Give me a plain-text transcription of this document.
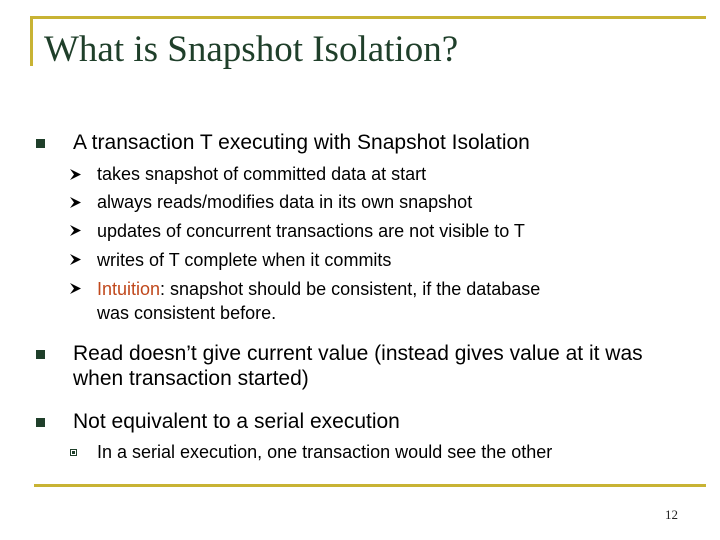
What is Snapshot Isolation?
A transaction T executing with Snapshot Isolation
takes snapshot of committed data at start
always reads/modifies data in its own snapshot
updates of concurrent transactions are not visible to T
writes of T complete when it commits
Intuition: snapshot should be consistent, if the database
was consistent before.
Read doesn’t give current value (instead gives value at it was
when transaction started)
Not equivalent to a serial execution
In a serial execution, one transaction would see the other
12
